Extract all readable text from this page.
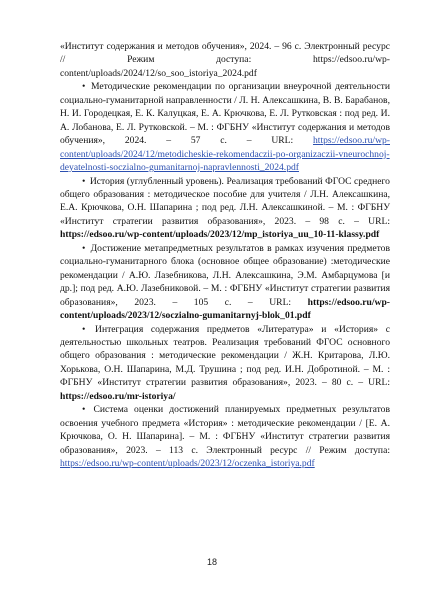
«Институт содержания и методов обучения», 2024. – 96 с. Электронный ресурс // Режим доступа: https://edsoo.ru/wp-content/uploads/2024/12/so_soo_istoriya_2024.pdf

• Методические рекомендации по организации внеурочной деятельности социально-гуманитарной направленности / Л. Н. Алексашкина, В. В. Барабанов, Н. И. Городецкая, Е. К. Калуцкая, Е. А. Крючкова, Е. Л. Рутковская : под ред. И. А. Лобанова, Е. Л. Рутковской. – М. : ФГБНУ «Институт содержания и методов обучения», 2024. – 57 с. – URL: https://edsoo.ru/wp-content/uploads/2024/12/metodicheskie-rekomendaczii-po-organizaczii-vneurochnoj-deyatelnosti-soczialno-gumanitarnoj-napravlennosti_2024.pdf

• История (углубленный уровень). Реализация требований ФГОС среднего общего образования : методическое пособие для учителя / Л.Н. Алексашкина, Е.А. Крючкова, О.Н. Шапарина ; под ред. Л.Н. Алексашкиной. – М. : ФГБНУ «Институт стратегии развития образования», 2023. – 98 с. – URL: https://edsoo.ru/wp-content/uploads/2023/12/mp_istoriya_uu_10-11-klassy.pdf

• Достижение метапредметных результатов в рамках изучения предметов социально-гуманитарного блока (основное общее образование) :методические рекомендации / А.Ю. Лазебникова, Л.Н. Алексашкина, Э.М. Амбарцумова [и др.]; под ред. А.Ю. Лазебниковой. – М. : ФГБНУ «Институт стратегии развития образования», 2023. – 105 с. – URL: https://edsoo.ru/wp-content/uploads/2023/12/soczialno-gumanitarnyj-blok_01.pdf

• Интеграция содержания предметов «Литература» и «История» с деятельностью школьных театров. Реализация требований ФГОС основного общего образования : методические рекомендации / Ж.Н. Критарова, Л.Ю. Хорькова, О.Н. Шапарина, М.Д. Трушина ; под ред. И.Н. Добротиной. – М. : ФГБНУ «Институт стратегии развития образования», 2023. – 80 с. – URL: https://edsoo.ru/mr-istoriya/

• Система оценки достижений планируемых предметных результатов освоения учебного предмета «История» : методические рекомендации / [Е. А. Крючкова, О. Н. Шапарина]. – М. : ФГБНУ «Институт стратегии развития образования», 2023. – 113 с. Электронный ресурс // Режим доступа: https://edsoo.ru/wp-content/uploads/2023/12/oczenka_istoriya.pdf

18
